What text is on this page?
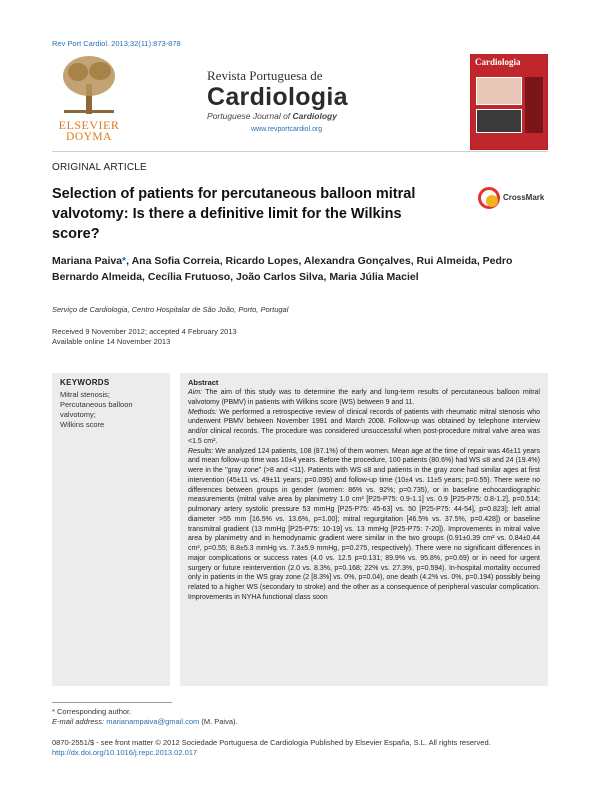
Rev Port Cardiol. 2013;32(11):873-878
ELSEVIER
DOYMA
Revista Portuguesa de
Cardiologia
Portuguese Journal of Cardiology
www.revportcardiol.org
Cardiologia
ORIGINAL ARTICLE
Selection of patients for percutaneous balloon mitral valvotomy: Is there a definitive limit for the Wilkins score?
CrossMark
Mariana Paiva*, Ana Sofia Correia, Ricardo Lopes, Alexandra Gonçalves, Rui Almeida, Pedro Bernardo Almeida, Cecília Frutuoso, João Carlos Silva, Maria Júlia Maciel
Serviço de Cardiologia, Centro Hospitalar de São João, Porto, Portugal
Received 9 November 2012; accepted 4 February 2013
Available online 14 November 2013
KEYWORDS
Mitral stenosis;
Percutaneous balloon valvotomy;
Wilkins score
Abstract

Aim: The aim of this study was to determine the early and long-term results of percutaneous balloon mitral valvotomy (PBMV) in patients with Wilkins score (WS) between 9 and 11.

Methods: We performed a retrospective review of clinical records of patients with rheumatic mitral stenosis who underwent PBMV between November 1991 and March 2008. Follow-up was obtained by telephone interview and/or clinical records. The procedure was considered unsuccessful when post-procedure mitral valve area was <1.5 cm².

Results: We analyzed 124 patients, 108 (87.1%) of them women. Mean age at the time of repair was 46±11 years and mean follow-up time was 10±4 years. Before the procedure, 100 patients (80.6%) had WS ≤8 and 24 (19.4%) were in the ''gray zone'' (>8 and <11). Patients with WS ≤8 and patients in the gray zone had similar ages at first intervention (45±11 vs. 49±11 years; p=0.095) and follow-up time (10±4 vs. 11±5 years; p=0.55). There were no differences between groups in gender (women: 86% vs. 92%; p=0.735), or in baseline echocardiographic measurements (mitral valve area by planimetry 1.0 cm² [P25-P75: 0.9-1.1] vs. 0.9 [P25-P75: 0.8-1.2], p=0.514; pulmonary artery systolic pressure 53 mmHg [P25-P75: 45-63] vs. 50 [P25-P75: 44-54], p=0.823]; left atrial diameter >55 mm [16.5% vs. 13.6%, p=1.00]; mitral regurgitation [46.5% vs. 37.5%, p=0.428]) or baseline transmitral gradient (13 mmHg [P25-P75: 10-19] vs. 13 mmHg [P25-P75: 7-20]). Improvements in mitral valve area by planimetry and in hemodynamic gradient were similar in the two groups (0.91±0.39 cm² vs. 0.84±0.44 cm², p=0.55; 8.8±5.3 mmHg vs. 7.3±5.9 mmHg, p=0.275, respectively). There were no significant differences in major complications or success rates (4.0 vs. 12.5 p=0.131; 89.9% vs. 95.8%, p=0.69) or in need for urgent surgery or future reintervention (2.0 vs. 8.3%, p=0.168; 22% vs. 27.3%, p=0.594). In-hospital mortality occurred only in patients in the WS gray zone (2 [8.3%] vs. 0%, p=0.04), one death (4.2% vs. 0%, p=0.194) possibly being related to a higher WS (secondary to stroke) and the other as a consequence of peripheral vascular complication. Improvements in NYHA functional class soon

* Corresponding author.
E-mail address: marianampaiva@gmail.com (M. Paiva).
0870-2551/$ - see front matter © 2012 Sociedade Portuguesa de Cardiologia Published by Elsevier España, S.L. All rights reserved.
http://dx.doi.org/10.1016/j.repc.2013.02.017
